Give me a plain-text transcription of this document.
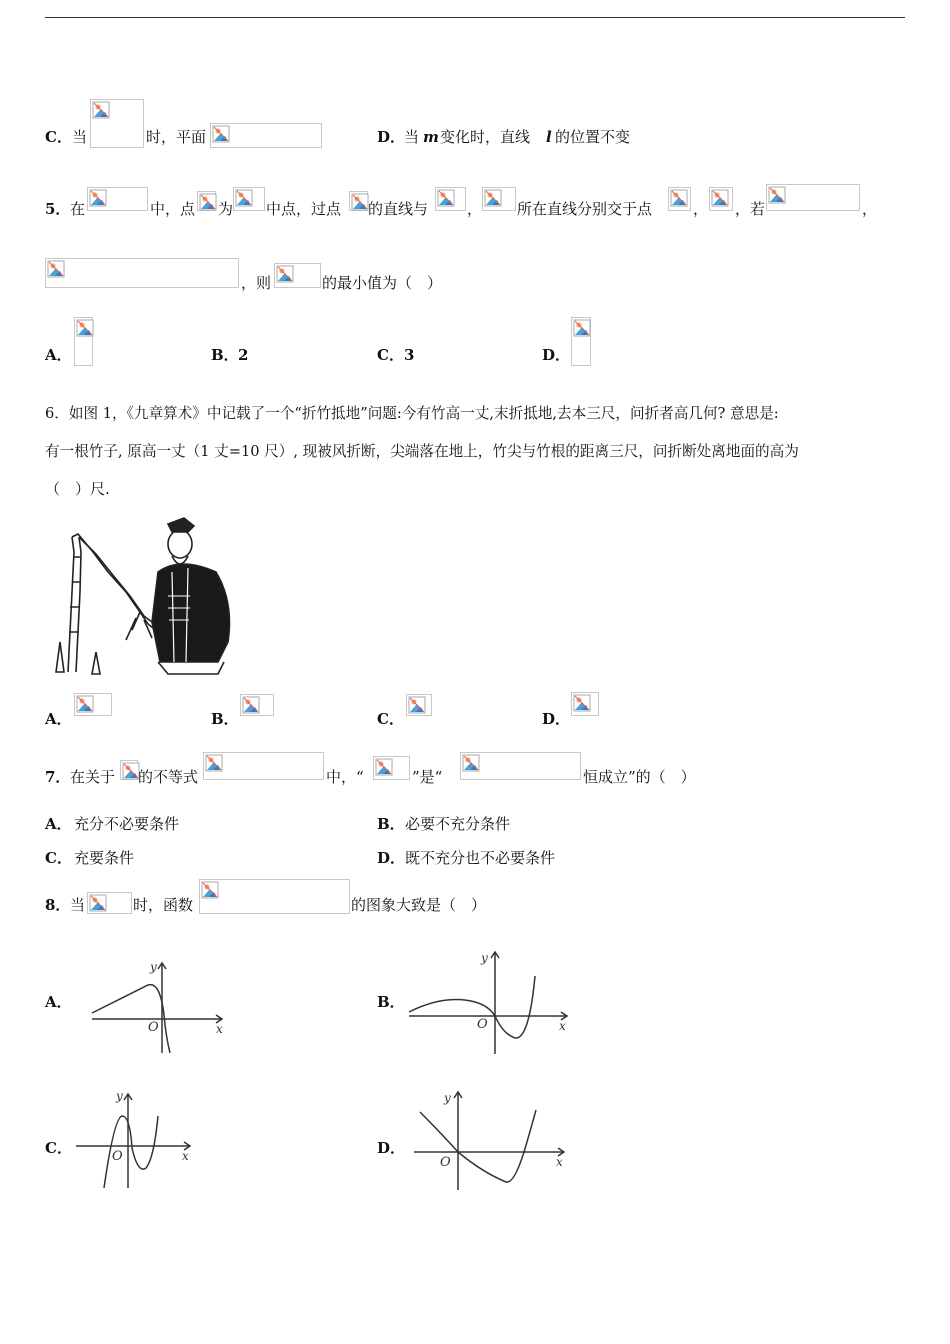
C． 当	时，平面	D．
当 m 变化时，直线 l 的位置不变
5． 在	中，点 为 中点，过点 的直线与	， 所在直线分别交于点	， ，若	，
，则	的最小值为（　）
A．	B． 2	C． 3	D．
6．如图 1，《九章算术》中记载了一个“折竹抵地”问题:今有竹高一丈,末折抵地,去本三尺，问折者高几何? 意思是:
有一根竹子, 原高一丈（1 丈=10 尺）, 现被风折断，尖端落在地上，竹尖与竹根的距离三尺，问折断处离地面的高为
（　）尺.
A．	B．	C．	D．
7． 在关于 的不等式	中，“	”是“	恒成立”的（　）
A． 充分不必要条件	B． 必要不充分条件
C． 充要条件	D． 既不充分也不必要条件
8． 当	时，函数	的图象大致是（　）
A．
O	x
y
B．
O	x
y
C．	O	x
y
D．
O	x
y
